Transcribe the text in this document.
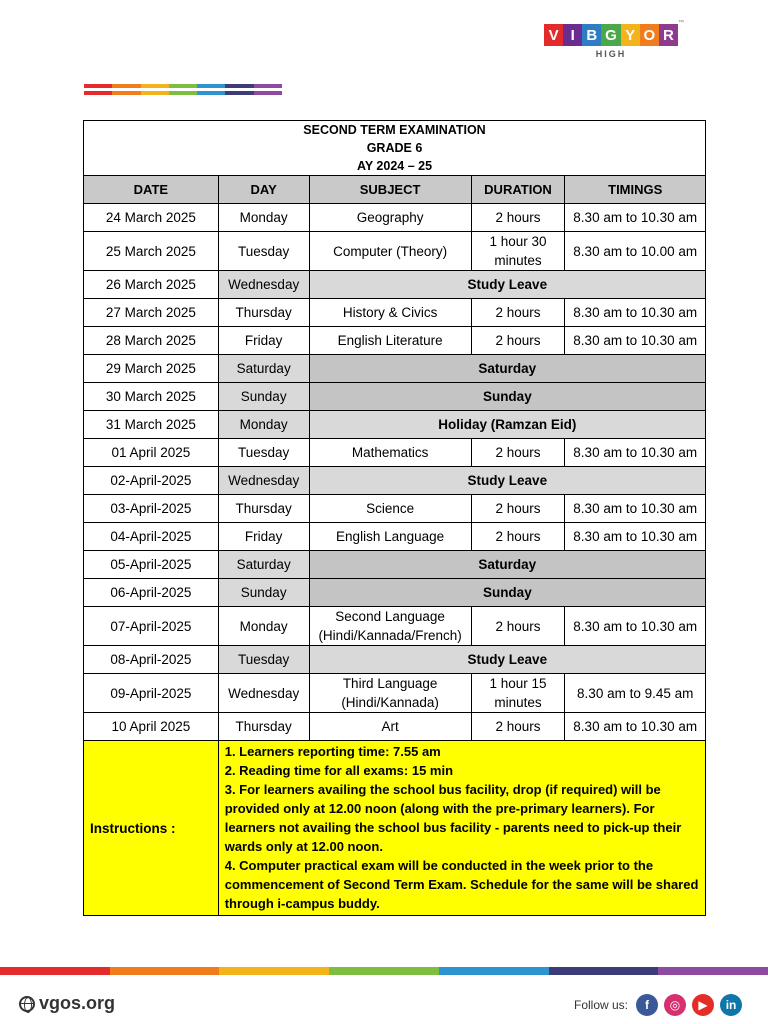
V I B G Y O R
HIGH
™
SECOND TERM EXAMINATION
GRADE 6
AY 2024 – 25				

DATE	DAY	SUBJECT	DURATION	TIMINGS
24 March 2025	Monday	Geography	2 hours	8.30 am to 10.30 am
25 March 2025	Tuesday	Computer (Theory)	1 hour 30 minutes	8.30 am to 10.00 am
26 March 2025	Wednesday	Study Leave		
27 March 2025	Thursday	History & Civics	2 hours	8.30 am to 10.30 am
28 March 2025	Friday	English Literature	2 hours	8.30 am to 10.30 am
29 March 2025	Saturday	Saturday		
30 March 2025	Sunday	Sunday		
31 March 2025	Monday	Holiday (Ramzan Eid)		
01 April 2025	Tuesday	Mathematics	2 hours	8.30 am to 10.30 am
02-April-2025	Wednesday	Study Leave		
03-April-2025	Thursday	Science	2 hours	8.30 am to 10.30 am
04-April-2025	Friday	English Language	2 hours	8.30 am to 10.30 am
05-April-2025	Saturday	Saturday		
06-April-2025	Sunday	Sunday		
07-April-2025	Monday	Second Language (Hindi/Kannada/French)	2 hours	8.30 am to 10.30 am
08-April-2025	Tuesday	Study Leave		
09-April-2025	Wednesday	Third Language (Hindi/Kannada)	1 hour 15 minutes	8.30 am to 9.45 am
10 April 2025	Thursday	Art	2 hours	8.30 am to 10.30 am
Instructions :	1. Learners reporting time: 7.55 am
2. Reading time for all exams: 15 min
3. For learners availing the school bus facility, drop (if required) will be provided only at 12.00 noon (along with the pre-primary learners). For learners not availing the school bus facility - parents need to pick-up their wards only at 12.00 noon.
4. Computer practical exam will be conducted in the week prior to the commencement of Second Term Exam. Schedule for the same will be shared through i-campus buddy.			
vgos.org	Follow us:	f	◎	▶	in
